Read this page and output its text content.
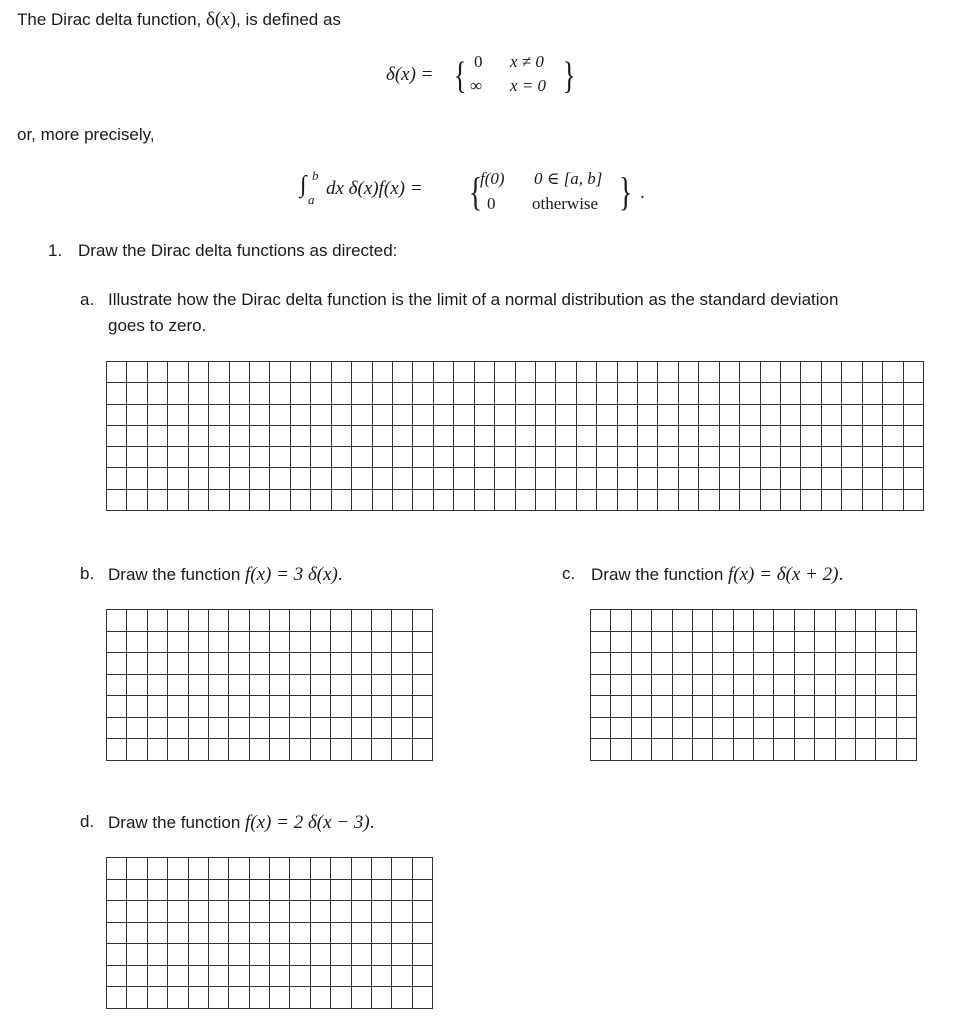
The Dirac delta function, δ(x), is defined as
δ(x) = { 0 x ≠ 0
∞ x = 0 }
or, more precisely,
∫ b
a
dx δ(x)f(x) = {
f(0) 0 ∈ [a, b]
0 otherwise } .
1. Draw the Dirac delta functions as directed:
a. Illustrate how the Dirac delta function is the limit of a normal distribution as the standard deviation
goes to zero.
b. Draw the function f(x) = 3 δ(x).	c. Draw the function f(x) = δ(x + 2).
d. Draw the function f(x) = 2 δ(x − 3).
